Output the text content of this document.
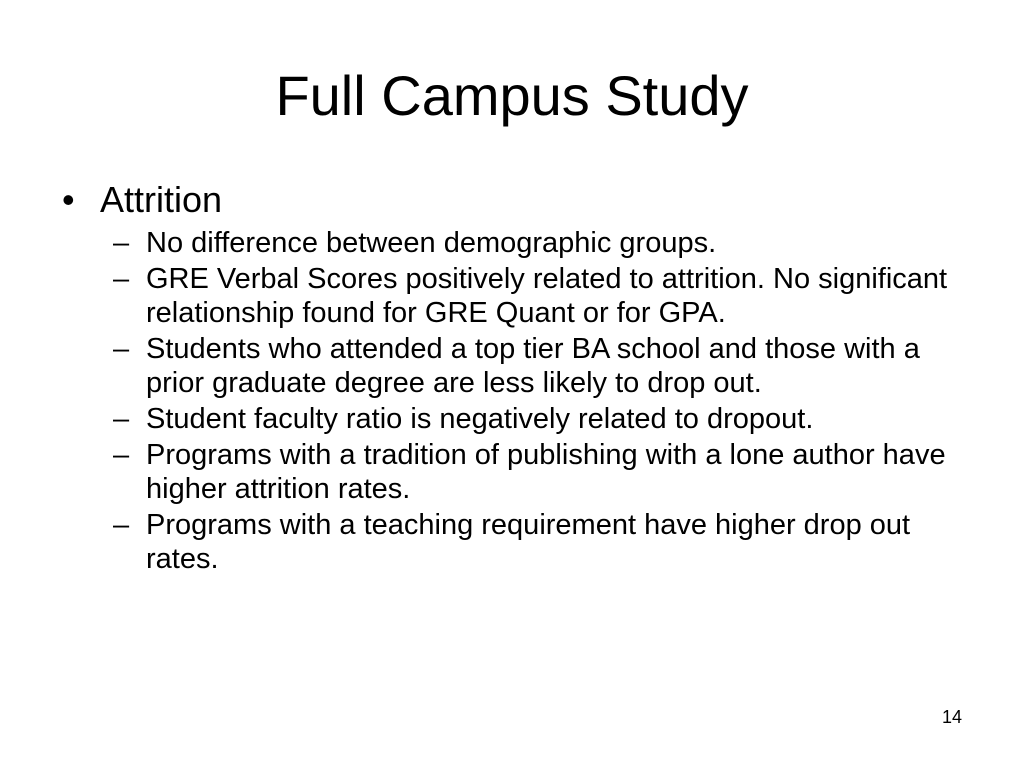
Full Campus Study
• Attrition
– No difference between demographic groups.
– GRE Verbal Scores positively related to attrition. No significant relationship found for GRE Quant or for GPA.
– Students who attended a top tier BA school and those with a prior graduate degree are less likely to drop out.
– Student faculty ratio is negatively related to dropout.
– Programs with a tradition of publishing with a lone author have higher attrition rates.
– Programs with a teaching requirement have higher drop out rates.
14
